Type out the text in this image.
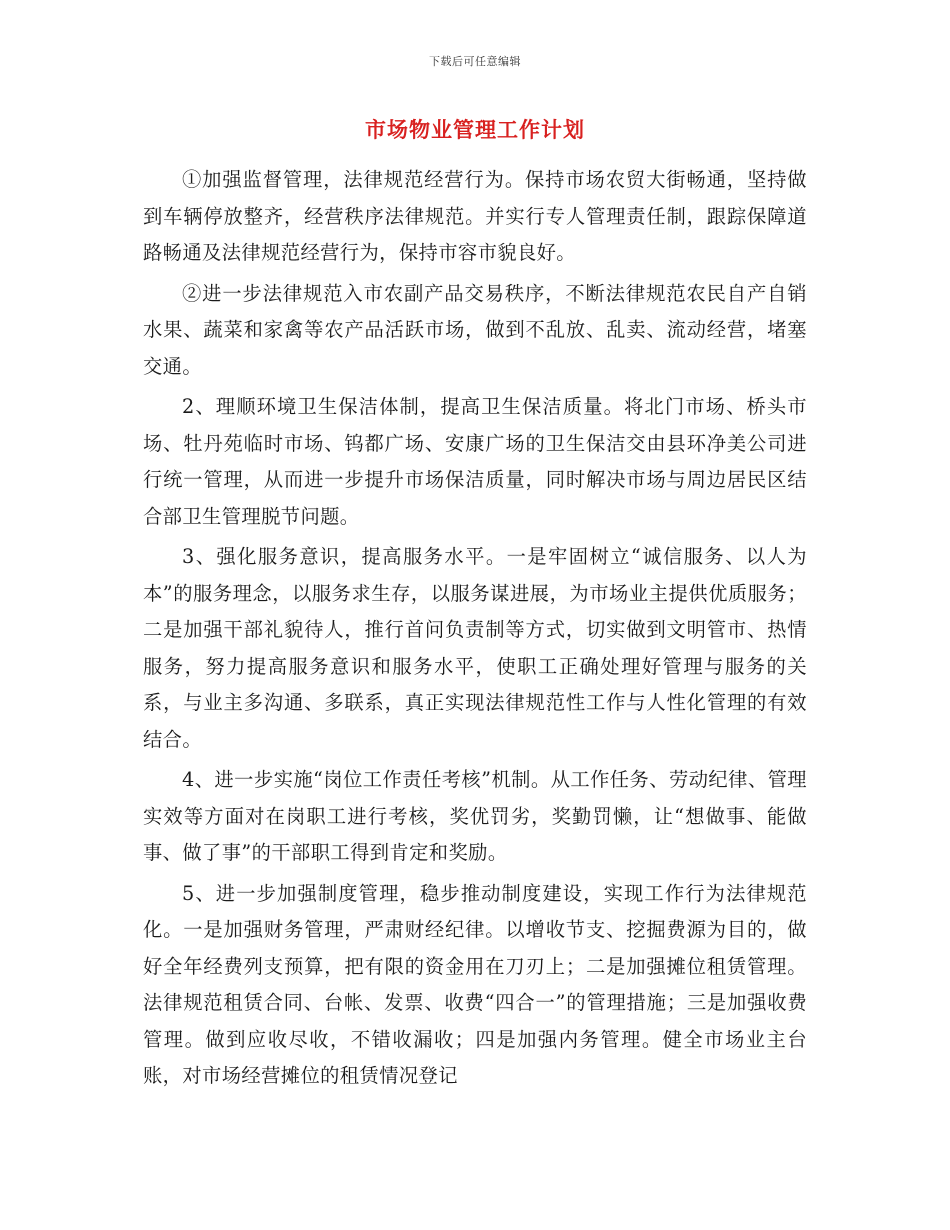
下载后可任意编辑
市场物业管理工作计划

①加强监督管理，法律规范经营行为。保持市场农贸大街畅通，坚持做到车辆停放整齐，经营秩序法律规范。并实行专人管理责任制，跟踪保障道路畅通及法律规范经营行为，保持市容市貌良好。

②进一步法律规范入市农副产品交易秩序，不断法律规范农民自产自销水果、蔬菜和家禽等农产品活跃市场，做到不乱放、乱卖、流动经营，堵塞交通。

2、理顺环境卫生保洁体制，提高卫生保洁质量。将北门市场、桥头市场、牡丹苑临时市场、钨都广场、安康广场的卫生保洁交由县环净美公司进行统一管理，从而进一步提升市场保洁质量，同时解决市场与周边居民区结合部卫生管理脱节问题。

3、强化服务意识，提高服务水平。一是牢固树立“诚信服务、以人为本”的服务理念，以服务求生存，以服务谋进展，为市场业主提供优质服务；二是加强干部礼貌待人，推行首问负责制等方式，切实做到文明管市、热情服务，努力提高服务意识和服务水平，使职工正确处理好管理与服务的关系，与业主多沟通、多联系，真正实现法律规范性工作与人性化管理的有效结合。

4、进一步实施“岗位工作责任考核”机制。从工作任务、劳动纪律、管理实效等方面对在岗职工进行考核，奖优罚劣，奖勤罚懒，让“想做事、能做事、做了事”的干部职工得到肯定和奖励。

5、进一步加强制度管理，稳步推动制度建设，实现工作行为法律规范化。一是加强财务管理，严肃财经纪律。以增收节支、挖掘费源为目的，做好全年经费列支预算，把有限的资金用在刀刃上；二是加强摊位租赁管理。法律规范租赁合同、台帐、发票、收费“四合一”的管理措施；三是加强收费管理。做到应收尽收，不错收漏收；四是加强内务管理。健全市场业主台账，对市场经营摊位的租赁情况登记
